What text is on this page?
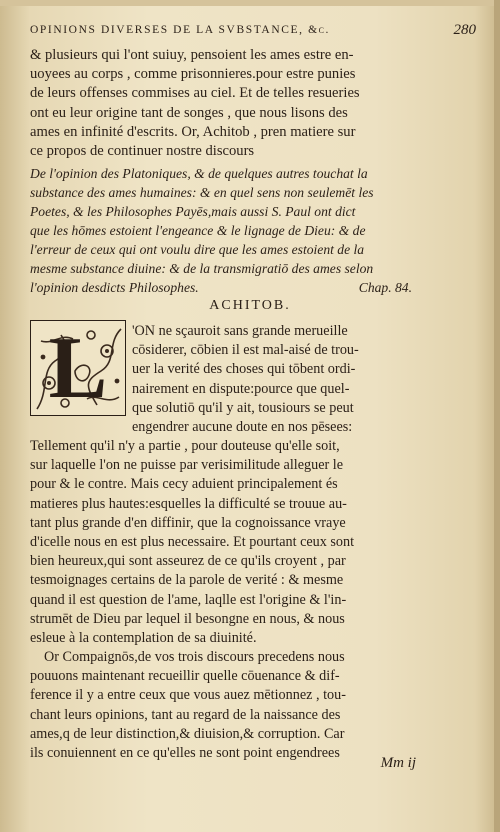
OPINIONS DIVERSES DE LA SVBSTANCE, &c.	280
& plusieurs qui l'ont suiuy, pensoient les ames estre en-
uoyees au corps , comme prisonnieres.pour estre punies
de leurs offenses commises au ciel. Et de telles resueries
ont eu leur origine tant de songes , que nous lisons des
ames en infinité d'escrits. Or, Achitob , pren matiere sur
ce propos de continuer nostre discours
De l'opinion des Platoniques, & de quelques autres touchat la
substance des ames humaines: & en quel sens non seulemēt les
Poetes, & les Philosophes Payēs,mais aussi S. Paul ont dict
que les hōmes estoient l'engeance & le lignage de Dieu: & de
l'erreur de ceux qui ont voulu dire que les ames estoient de la
mesme substance diuine: & de la transmigratiō des ames selon
l'opinion desdicts Philosophes.	Chap. 84.
ACHITOB.
L	'ON ne sçauroit sans grande merueille
cōsiderer, cōbien il est mal-aisé de trou-
uer la verité des choses qui tōbent ordi-
nairement en dispute:pource que quel-
que solutiō qu'il y ait, tousiours se peut
engendrer aucune doute en nos pēsees:
Tellement qu'il n'y a partie , pour douteuse qu'elle soit,
sur laquelle l'on ne puisse par verisimilitude alleguer le
pour & le contre. Mais cecy aduient principalement és
matieres plus hautes:esquelles la difficulté se trouue au-
tant plus grande d'en diffinir, que la cognoissance vraye
d'icelle nous en est plus necessaire. Et pourtant ceux sont
bien heureux,qui sont asseurez de ce qu'ils croyent , par
tesmoignages certains de la parole de verité : & mesme
quand il est question de l'ame, laqlle est l'origine & l'in-
strumēt de Dieu par lequel il besongne en nous, & nous
esleue à la contemplation de sa diuinité.
Or Compaignōs,de vos trois discours precedens nous
pouuons maintenant recueillir quelle cōuenance & dif-
ference il y a entre ceux que vous auez mētionnez , tou-
chant leurs opinions, tant au regard de la naissance des
ames,q de leur distinction,& diuision,& corruption. Car
ils conuiennent en ce qu'elles ne sont point engendrees
Mm ij
